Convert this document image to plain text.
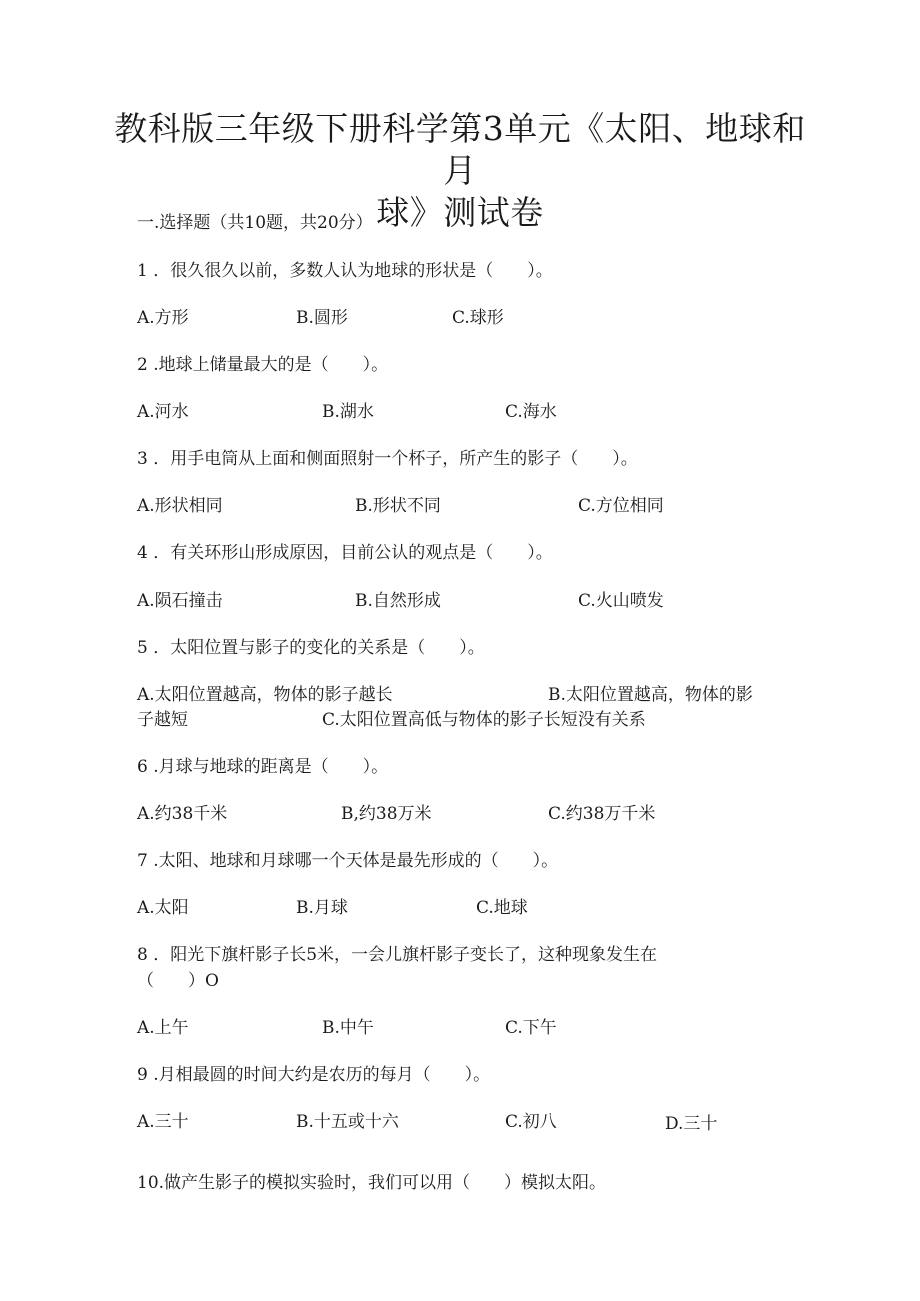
教科版三年级下册科学第3单元《太阳、地球和月
球》测试卷
一.选择题（共10题，共20分）
1 ．很久很久以前，多数人认为地球的形状是（　　）。
A.方形	B.圆形	C.球形
2 .地球上储量最大的是（　　）。
A.河水	B.湖水	C.海水
3 ．用手电筒从上面和侧面照射一个杯子，所产生的影子（　　）。
A.形状相同	B.形状不同	C.方位相同
4 ．有关环形山形成原因，目前公认的观点是（　　）。
A.陨石撞击	B.自然形成	C.火山喷发
5 ．太阳位置与影子的变化的关系是（　　）。
A.太阳位置越高，物体的影子越长	B.太阳位置越高，物体的影
子越短	C.太阳位置高低与物体的影子长短没有关系
6 .月球与地球的距离是（　　）。
A.约38千米	B,约38万米	C.约38万千米
7 .太阳、地球和月球哪一个天体是最先形成的（　　）。
A.太阳	B.月球	C.地球
8 ．阳光下旗杆影子长5米，一会儿旗杆影子变长了，这种现象发生在
（　　）O
A.上午	B.中午	C.下午
9 .月相最圆的时间大约是农历的每月（　　）。
A.三十	B.十五或十六	C.初八	D.三十
10.做产生影子的模拟实验时，我们可以用（　　）模拟太阳。
